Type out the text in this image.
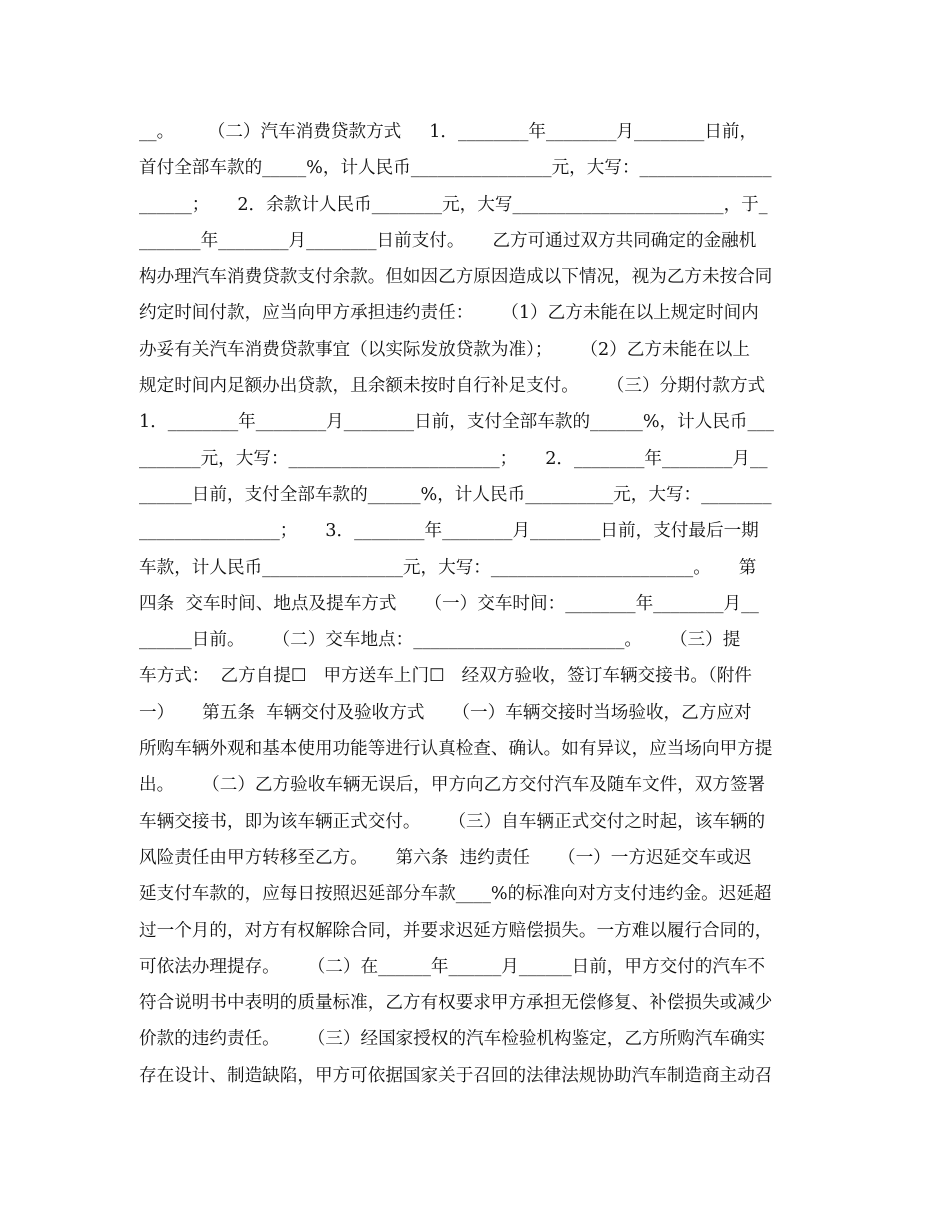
__。      （二）汽车消费贷款方式     1．________年________月________日前，
首付全部车款的_____%，计人民币________________元，大写：_______________
______；     2．余款计人民币________元，大写________________________，于_
_______年________月________日前支付。     乙方可通过双方共同确定的金融机
构办理汽车消费贷款支付余款。但如因乙方原因造成以下情况，视为乙方未按合同
约定时间付款，应当向甲方承担违约责任：     （1）乙方未能在以上规定时间内
办妥有关汽车消费贷款事宜（以实际发放贷款为准）；     （2）乙方未能在以上
规定时间内足额办出贷款，且余额未按时自行补足支付。     （三）分期付款方式
1．________年________月________日前，支付全部车款的______%，计人民币___
_______元，大写：________________________；     2．________年________月__
______日前，支付全部车款的______%，计人民币__________元，大写：________
________________；     3．________年________月________日前，支付最后一期
车款，计人民币________________元，大写：_______________________。     第
四条  交车时间、地点及提车方式     （一）交车时间：________年________月__
______日前。     （二）交车地点：________________________。     （三）提
车方式：  乙方自提☐   甲方送车上门☐   经双方验收，签订车辆交接书。（附件
一）     第五条  车辆交付及验收方式     （一）车辆交接时当场验收，乙方应对
所购车辆外观和基本使用功能等进行认真检查、确认。如有异议，应当场向甲方提
出。     （二）乙方验收车辆无误后，甲方向乙方交付汽车及随车文件，双方签署
车辆交接书，即为该车辆正式交付。     （三）自车辆正式交付之时起，该车辆的
风险责任由甲方转移至乙方。     第六条  违约责任     （一）一方迟延交车或迟
延支付车款的，应每日按照迟延部分车款____%的标准向对方支付违约金。迟延超
过一个月的，对方有权解除合同，并要求迟延方赔偿损失。一方难以履行合同的，
可依法办理提存。     （二）在______年______月______日前，甲方交付的汽车不
符合说明书中表明的质量标准，乙方有权要求甲方承担无偿修复、补偿损失或减少
价款的违约责任。     （三）经国家授权的汽车检验机构鉴定，乙方所购汽车确实
存在设计、制造缺陷，甲方可依据国家关于召回的法律法规协助汽车制造商主动召
